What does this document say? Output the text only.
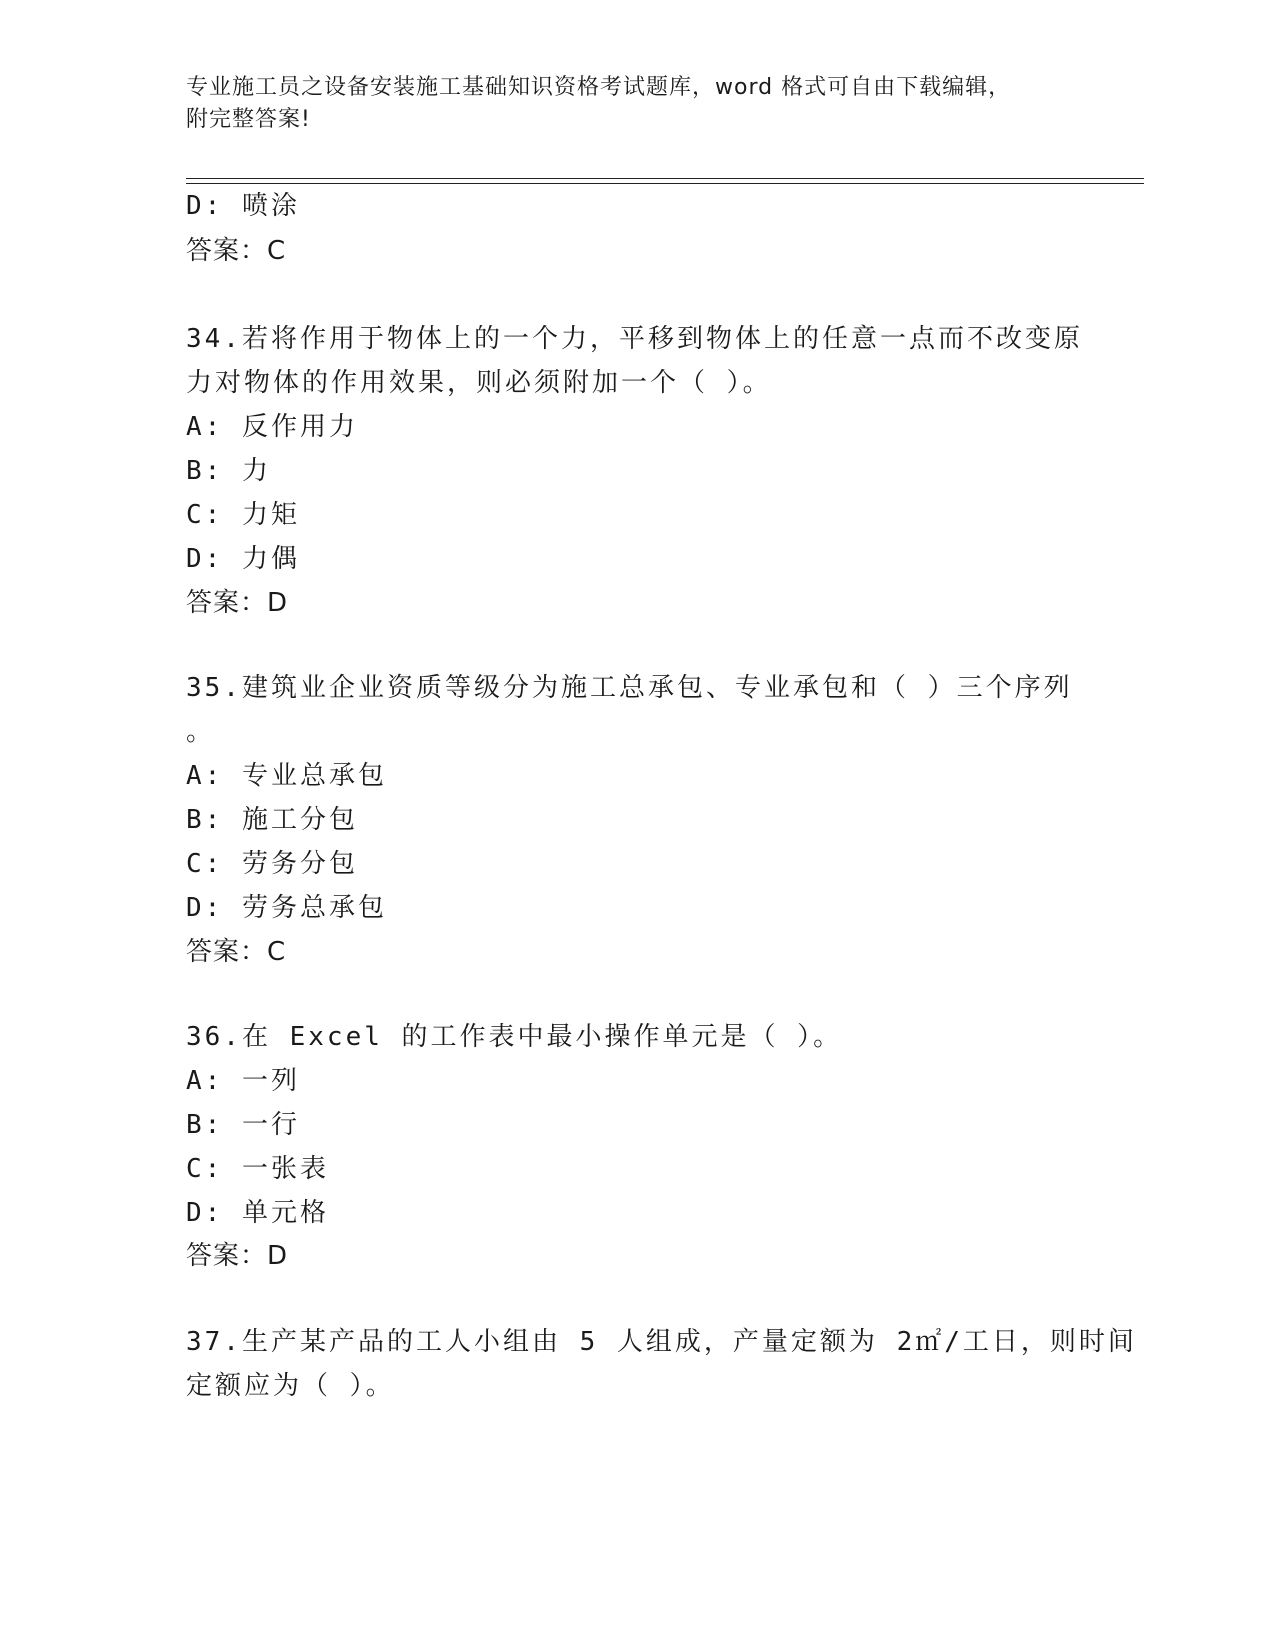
专业施工员之设备安装施工基础知识资格考试题库，word 格式可自由下载编辑，
附完整答案!
D: 喷涂
答案：C
34.若将作用于物体上的一个力，平移到物体上的任意一点而不改变原
力对物体的作用效果，则必须附加一个（ ）。
A: 反作用力
B: 力
C: 力矩
D: 力偶
答案：D
35.建筑业企业资质等级分为施工总承包、专业承包和（ ）三个序列
。
A: 专业总承包
B: 施工分包
C: 劳务分包
D: 劳务总承包
答案：C
36.在 Excel 的工作表中最小操作单元是（ ）。
A: 一列
B: 一行
C: 一张表
D: 单元格
答案：D
37.生产某产品的工人小组由 5 人组成，产量定额为 2㎡/工日，则时间
定额应为（ ）。
